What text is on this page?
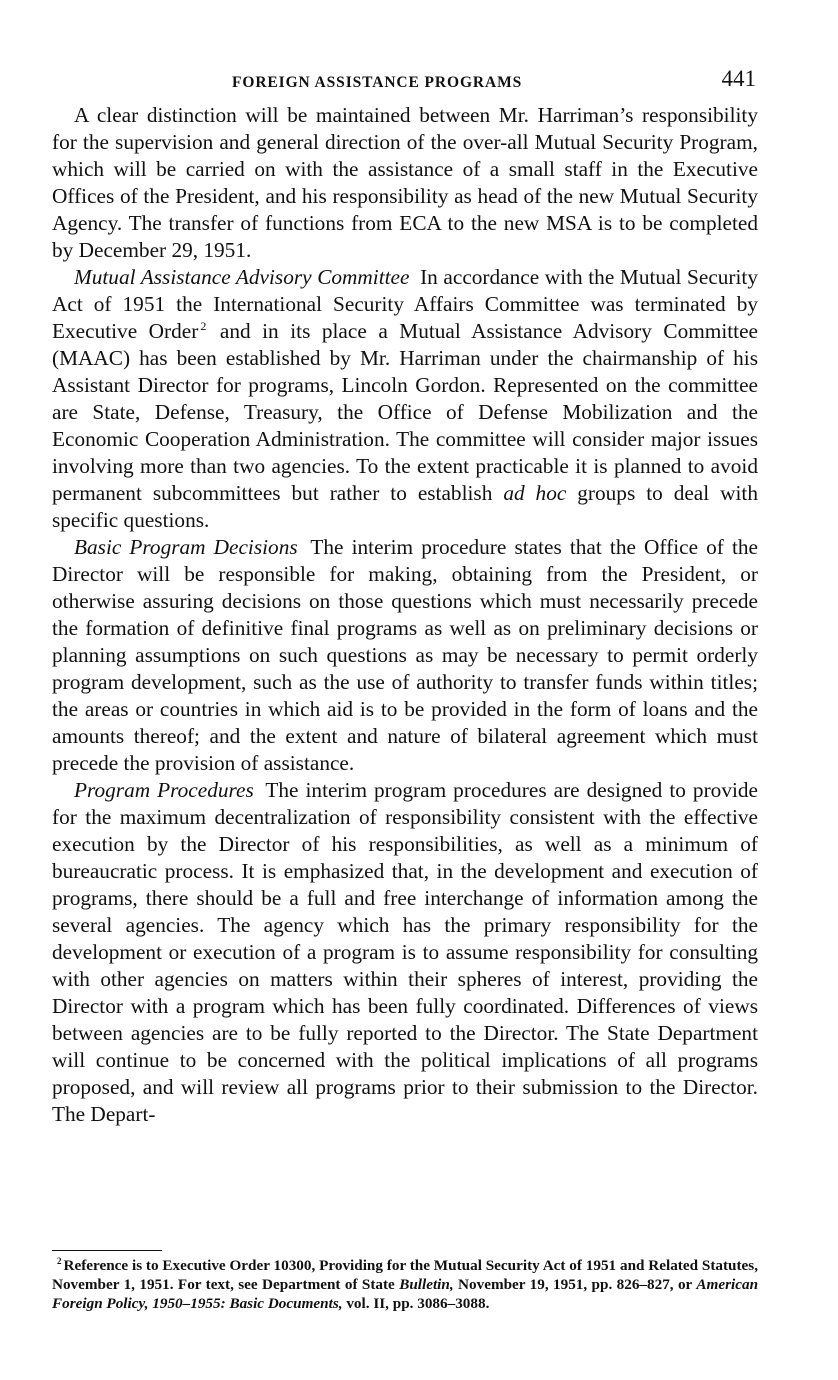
FOREIGN ASSISTANCE PROGRAMS	441

A clear distinction will be maintained between Mr. Harriman’s responsibility for the supervision and general direction of the over-all Mutual Security Program, which will be carried on with the assistance of a small staff in the Executive Offices of the President, and his responsibility as head of the new Mutual Security Agency. The transfer of functions from ECA to the new MSA is to be completed by December 29, 1951.

Mutual Assistance Advisory Committee In accordance with the Mutual Security Act of 1951 the International Security Affairs Committee was terminated by Executive Order $^2$ and in its place a Mutual Assistance Advisory Committee (MAAC) has been established by Mr. Harriman under the chairmanship of his Assistant Director for programs, Lincoln Gordon. Represented on the committee are State, Defense, Treasury, the Office of Defense Mobilization and the Economic Cooperation Administration. The committee will consider major issues involving more than two agencies. To the extent practicable it is planned to avoid permanent subcommittees but rather to establish ad hoc groups to deal with specific questions.

Basic Program Decisions The interim procedure states that the Office of the Director will be responsible for making, obtaining from the President, or otherwise assuring decisions on those questions which must necessarily precede the formation of definitive final programs as well as on preliminary decisions or planning assumptions on such questions as may be necessary to permit orderly program development, such as the use of authority to transfer funds within titles; the areas or countries in which aid is to be provided in the form of loans and the amounts thereof; and the extent and nature of bilateral agreement which must precede the provision of assistance.

Program Procedures The interim program procedures are designed to provide for the maximum decentralization of responsibility consistent with the effective execution by the Director of his responsibilities, as well as a minimum of bureaucratic process. It is emphasized that, in the development and execution of programs, there should be a full and free interchange of information among the several agencies. The agency which has the primary responsibility for the development or execution of a program is to assume responsibility for consulting with other agencies on matters within their spheres of interest, providing the Director with a program which has been fully coordinated. Differences of views between agencies are to be fully reported to the Director. The State Department will continue to be concerned with the political implications of all programs proposed, and will review all programs prior to their submission to the Director. The Depart-

$^2$ Reference is to Executive Order 10300, Providing for the Mutual Security Act of 1951 and Related Statutes, November 1, 1951. For text, see Department of State Bulletin, November 19, 1951, pp. 826–827, or American Foreign Policy, 1950–1955: Basic Documents, vol. II, pp. 3086–3088.
